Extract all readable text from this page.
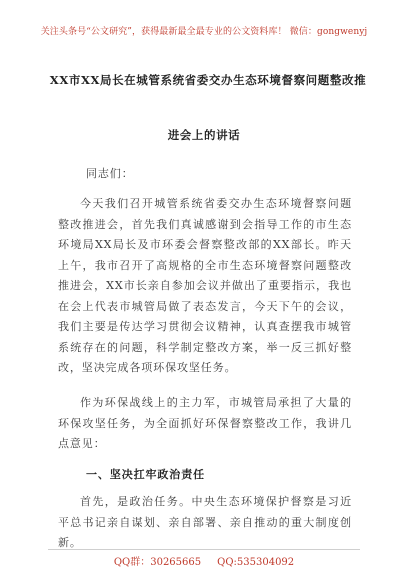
关注头条号“公文研究”，获得最新最全最专业的公文资料库！ 微信：gongwenyj
XX市XX局长在城管系统省委交办生态环境督察问题整改推
进会上的讲话
同志们：

今天我们召开城管系统省委交办生态环境督察问题整改推进会，首先我们真诚感谢到会指导工作的市生态环境局XX局长及市环委会督察整改部的XX部长。昨天上午，我市召开了高规格的全市生态环境督察问题整改推进会，XX市长亲自参加会议并做出了重要指示，我也在会上代表市城管局做了表态发言，今天下午的会议，我们主要是传达学习贯彻会议精神，认真查摆我市城管系统存在的问题，科学制定整改方案，举一反三抓好整改，坚决完成各项环保攻坚任务。

作为环保战线上的主力军，市城管局承担了大量的环保攻坚任务，为全面抓好环保督察整改工作，我讲几点意见：

一、坚决扛牢政治责任

首先，是政治任务。中央生态环境保护督察是习近平总书记亲自谋划、亲自部署、亲自推动的重大制度创新。

QQ群：30265665 QQ:535304092
